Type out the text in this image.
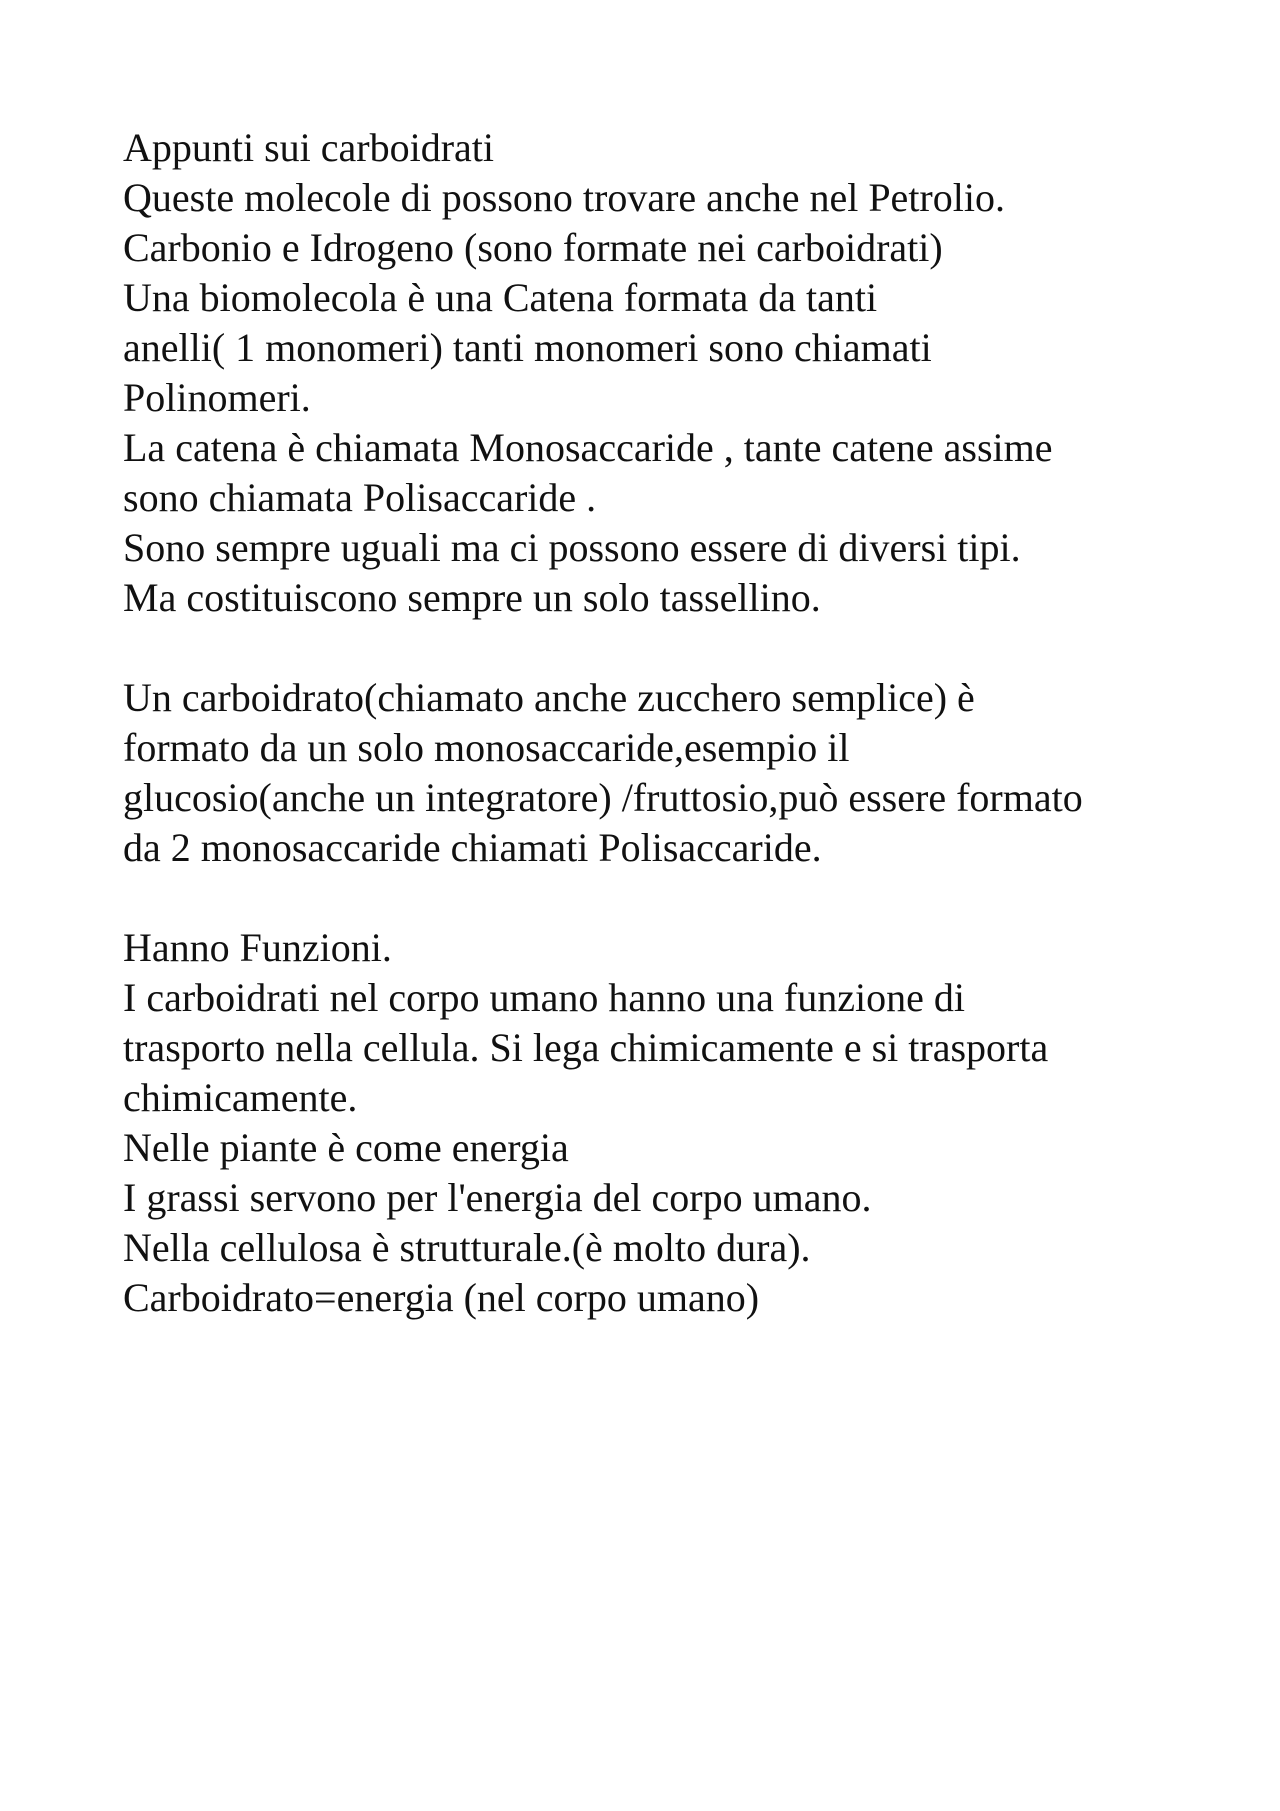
Appunti sui carboidrati
Queste molecole di possono trovare anche nel Petrolio.
Carbonio e Idrogeno (sono formate nei carboidrati)
Una biomolecola è una Catena formata da tanti
anelli( 1 monomeri) tanti monomeri sono chiamati
Polinomeri.
La catena è chiamata Monosaccaride , tante catene assime
sono chiamata Polisaccaride .
Sono sempre uguali ma ci possono essere di diversi tipi.
Ma costituiscono sempre un solo tassellino.
Un carboidrato(chiamato anche zucchero semplice) è
formato da un solo monosaccaride,esempio il
glucosio(anche un integratore) /fruttosio,può essere formato
da 2 monosaccaride chiamati Polisaccaride.
Hanno Funzioni.
I carboidrati nel corpo umano hanno una funzione di
trasporto nella cellula. Si lega chimicamente e si trasporta
chimicamente.
Nelle piante è come energia
I grassi servono per l'energia del corpo umano.
Nella cellulosa è strutturale.(è molto dura).
Carboidrato=energia (nel corpo umano)
